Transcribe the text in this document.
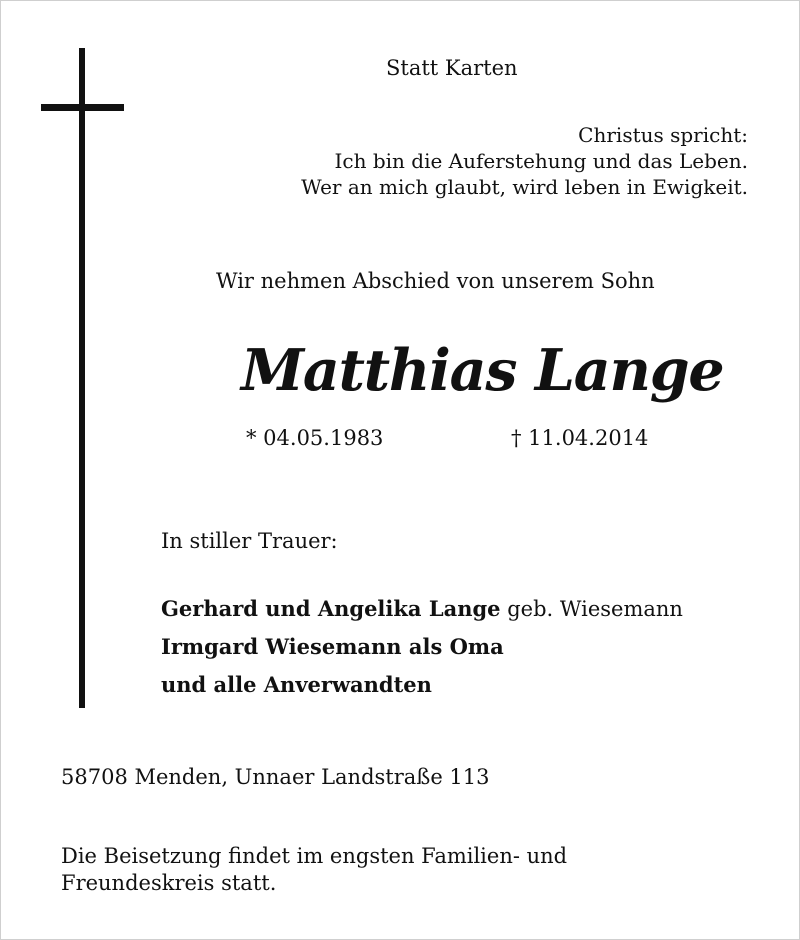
Statt Karten

Christus spricht:
Ich bin die Auferstehung und das Leben.
Wer an mich glaubt, wird leben in Ewigkeit.

Wir nehmen Abschied von unserem Sohn

Matthias Lange

* 04.05.1983	† 11.04.2014

In stiller Trauer:

Gerhard und Angelika Lange geb. Wiesemann
Irmgard Wiesemann als Oma
und alle Anverwandten

58708 Menden, Unnaer Landstraße 113

Die Beisetzung findet im engsten Familien- und
Freundeskreis statt.
